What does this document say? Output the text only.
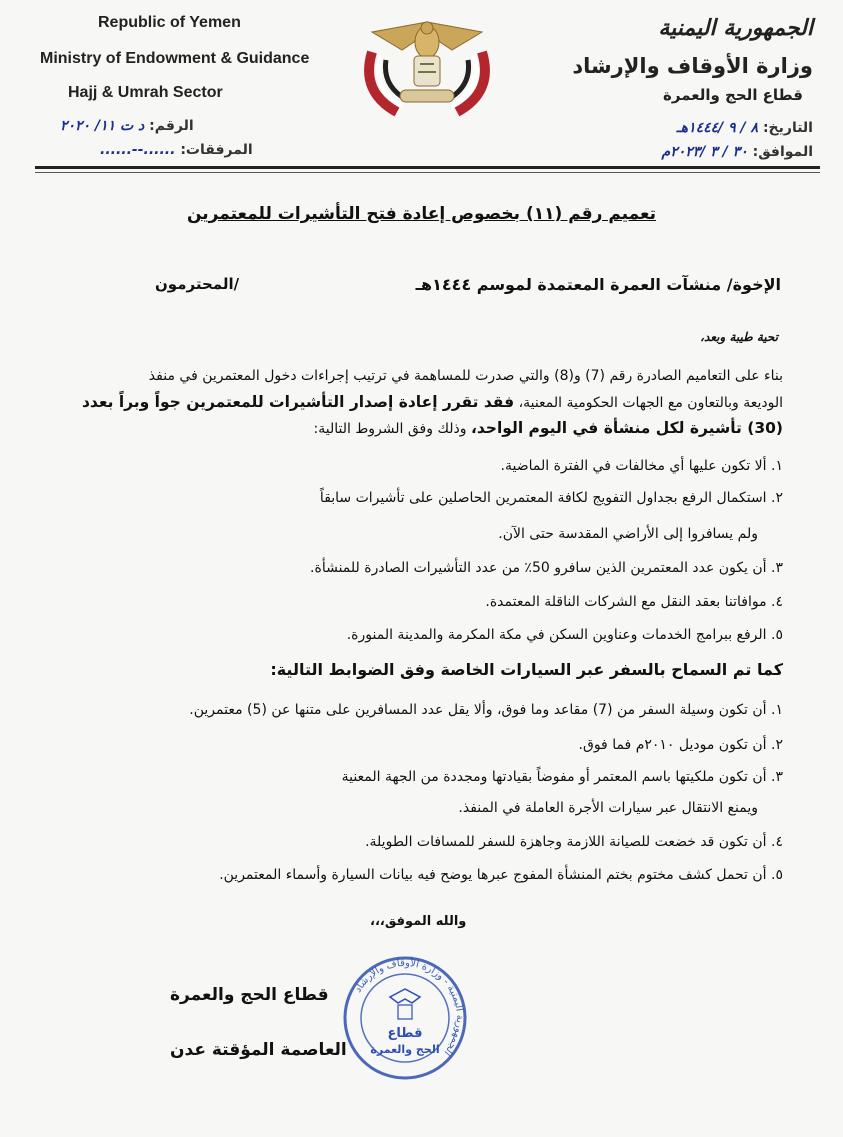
Republic of Yemen
Ministry of Endowment & Guidance
Hajj & Umrah Sector
الرقم: د ت ١١/ ٢٠٢٠
المرفقات: ......--......
الجمهورية اليمنية
وزارة الأوقاف والإرشاد
قطاع الحج والعمرة
التاريخ: ٨ / ٩ /١٤٤٤هـ
الموافق: ٣٠ / ٣ /٢٠٢٣م
تعميم رقم (١١) بخصوص إعادة فتح التأشيرات للمعتمرين
الإخوة/ منشآت العمرة المعتمدة لموسم ١٤٤٤هـ
/المحترمون
تحية طيبة وبعد،
بناء على التعاميم الصادرة رقم (7) و(8) والتي صدرت للمساهمة في ترتيب إجراءات دخول المعتمرين في منفذ
الوديعة وبالتعاون مع الجهات الحكومية المعنية، فقد تقرر إعادة إصدار التأشيرات للمعتمرين جواً وبراً بعدد
(30) تأشيرة لكل منشأة في اليوم الواحد، وذلك وفق الشروط التالية:
١. ألا تكون عليها أي مخالفات في الفترة الماضية.
٢. استكمال الرفع بجداول التفويج لكافة المعتمرين الحاصلين على تأشيرات سابقاً
ولم يسافروا إلى الأراضي المقدسة حتى الآن.
٣. أن يكون عدد المعتمرين الذين سافرو 50٪ من عدد التأشيرات الصادرة للمنشأة.
٤. موافاتنا بعقد النقل مع الشركات الناقلة المعتمدة.
٥. الرفع ببرامج الخدمات وعناوين السكن في مكة المكرمة والمدينة المنورة.
كما تم السماح بالسفر عبر السيارات الخاصة وفق الضوابط التالية:
١. أن تكون وسيلة السفر من (7) مقاعد وما فوق، وألا يقل عدد المسافرين على متنها عن (5) معتمرين.
٢. أن تكون موديل ٢٠١٠م فما فوق.
٣. أن تكون ملكيتها باسم المعتمر أو مفوضاً بقيادتها ومجددة من الجهة المعنية
ويمنع الانتقال عبر سيارات الأجرة العاملة في المنفذ.
٤. أن تكون قد خضعت للصيانة اللازمة وجاهزة للسفر للمسافات الطويلة.
٥. أن تحمل كشف مختوم بختم المنشأة المفوج عبرها يوضح فيه بيانات السيارة وأسماء المعتمرين.
والله الموفق،،،
قطاع الحج والعمرة
العاصمة المؤقتة عدن
الجمهورية اليمنية - وزارة الأوقاف والإرشاد
قطاع
الحج والعمرة
